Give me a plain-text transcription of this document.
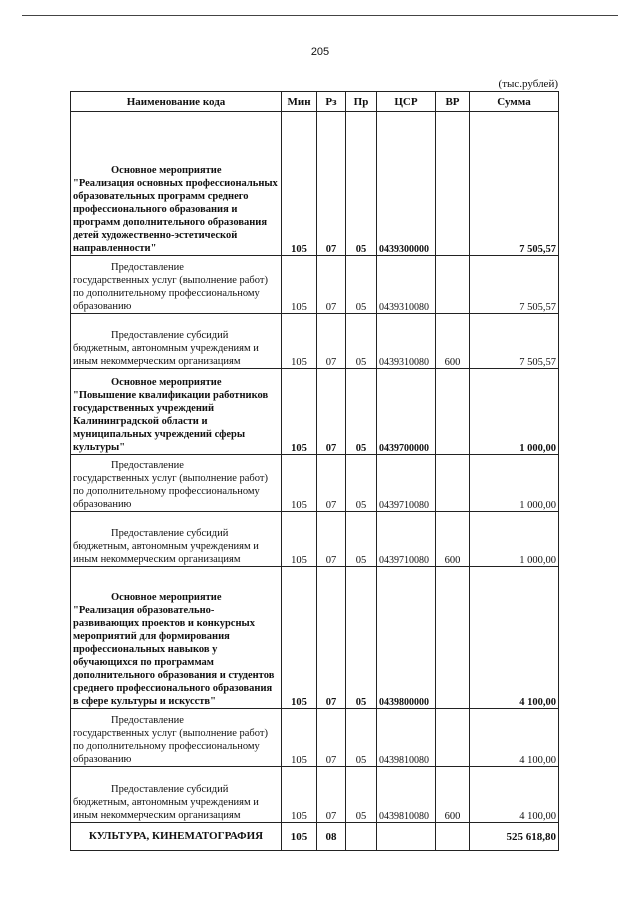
205
(тыс.рублей)
Наименование кода	Мин	Рз	Пр	ЦСР	ВР	Сумма

Основное мероприятие
"Реализация основных профессиональных образовательных программ среднего профессионального образования и программ дополнительного образования детей художественно-эстетической направленности"	105	07	05	0439300000		7 505,57

Предоставление
государственных услуг (выполнение работ) по дополнительному профессиональному образованию	105	07	05	0439310080		7 505,57

Предоставление субсидий
бюджетным, автономным учреждениям и иным некоммерческим организациям	105	07	05	0439310080	600	7 505,57

Основное мероприятие
"Повышение квалификации работников государственных учреждений Калининградской области и муниципальных учреждений сферы культуры"	105	07	05	0439700000		1 000,00

Предоставление
государственных услуг (выполнение работ) по дополнительному профессиональному образованию	105	07	05	0439710080		1 000,00

Предоставление субсидий
бюджетным, автономным учреждениям и иным некоммерческим организациям	105	07	05	0439710080	600	1 000,00

Основное мероприятие
"Реализация образовательно-развивающих проектов и конкурсных мероприятий для формирования профессиональных навыков у обучающихся по программам дополнительного образования и студентов среднего профессионального образования в сфере культуры и искусств"	105	07	05	0439800000		4 100,00

Предоставление
государственных услуг (выполнение работ) по дополнительному профессиональному образованию	105	07	05	0439810080		4 100,00

Предоставление субсидий
бюджетным, автономным учреждениям и иным некоммерческим организациям	105	07	05	0439810080	600	4 100,00
КУЛЬТУРА, КИНЕМАТОГРАФИЯ	105	08				525 618,80
